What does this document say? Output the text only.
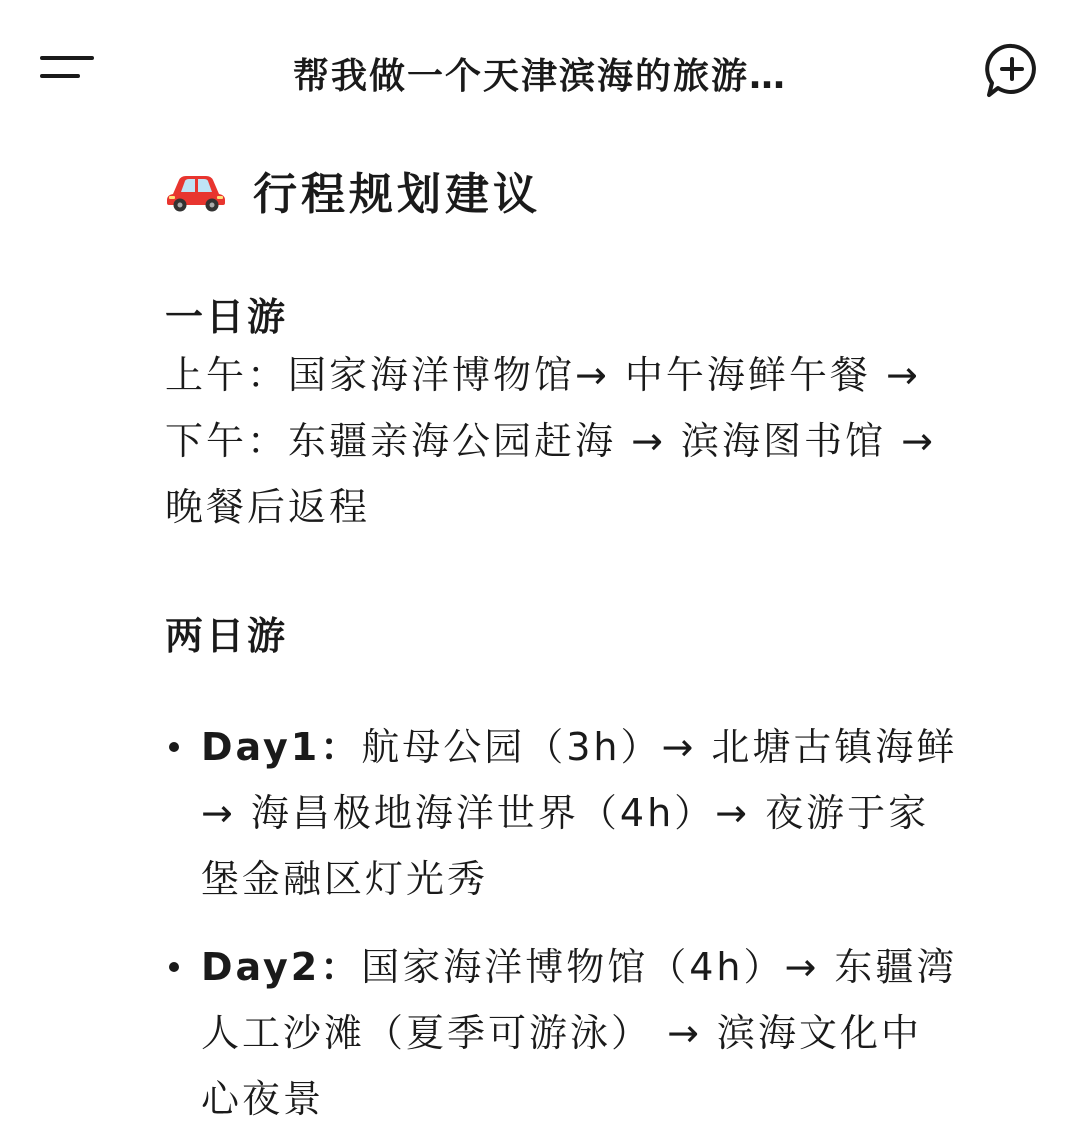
帮我做一个天津滨海的旅游…
行程规划建议
一日游
上午：国家海洋博物馆→ 中午海鲜午餐 →
下午：东疆亲海公园赶海 → 滨海图书馆 →
晚餐后返程
两日游
Day1：航母公园（3h）→ 北塘古镇海鲜
→ 海昌极地海洋世界（4h）→ 夜游于家
堡金融区灯光秀
Day2：国家海洋博物馆（4h）→ 东疆湾
人工沙滩（夏季可游泳） → 滨海文化中
心夜景
